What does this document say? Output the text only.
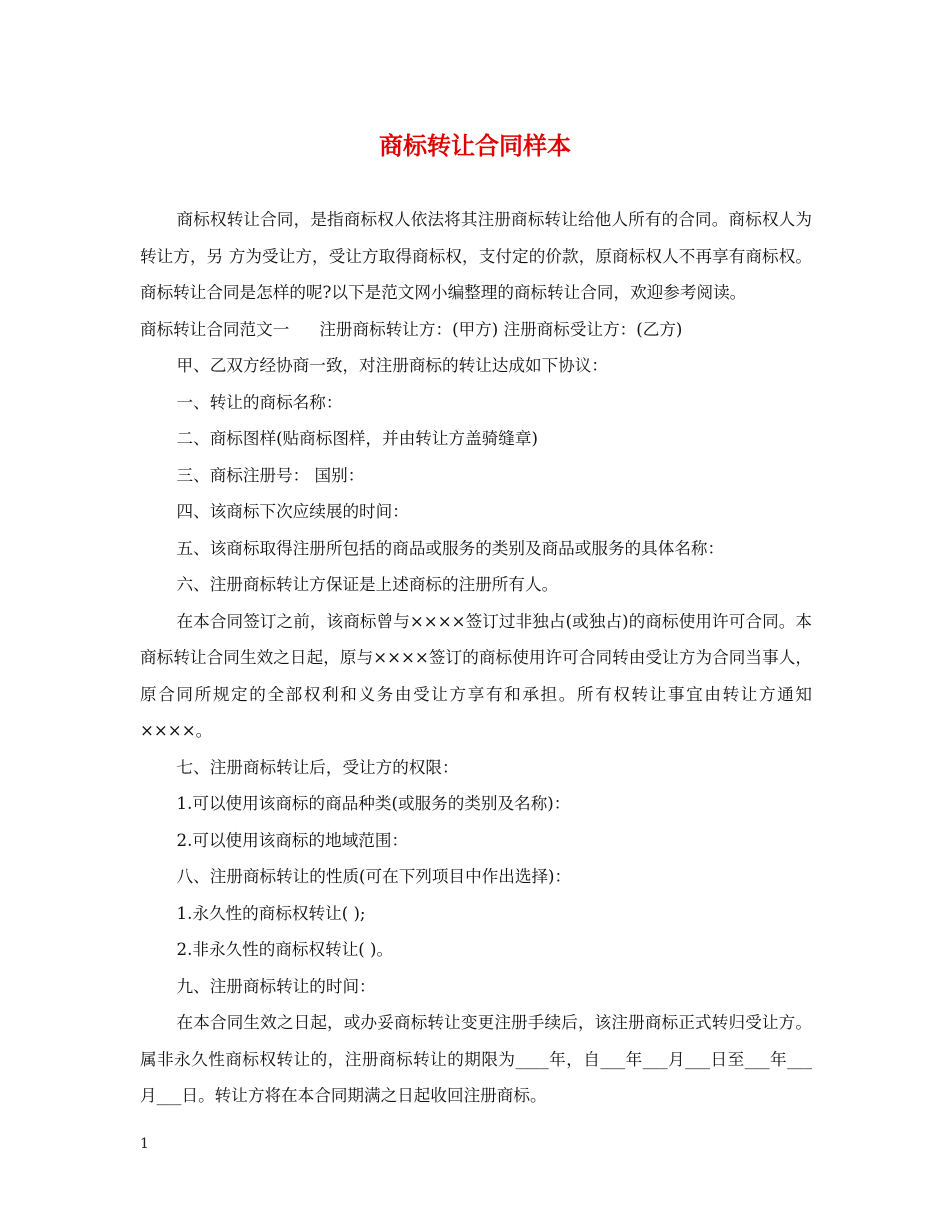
商标转让合同样本

商标权转让合同，是指商标权人依法将其注册商标转让给他人所有的合同。商标权人为转让方，另 方为受让方，受让方取得商标权，支付定的价款，原商标权人不再享有商标权。商标转让合同是怎样的呢?以下是范文网小编整理的商标转让合同，欢迎参考阅读。

商标转让合同范文一 注册商标转让方：(甲方) 注册商标受让方：(乙方)

甲、乙双方经协商一致，对注册商标的转让达成如下协议：

一、转让的商标名称：

二、商标图样(贴商标图样，并由转让方盖骑缝章)

三、商标注册号： 国别：

四、该商标下次应续展的时间：

五、该商标取得注册所包括的商品或服务的类别及商品或服务的具体名称：

六、注册商标转让方保证是上述商标的注册所有人。

在本合同签订之前，该商标曾与××××签订过非独占(或独占)的商标使用许可合同。本商标转让合同生效之日起，原与××××签订的商标使用许可合同转由受让方为合同当事人，原合同所规定的全部权利和义务由受让方享有和承担。所有权转让事宜由转让方通知××××。

七、注册商标转让后，受让方的权限：

1.可以使用该商标的商品种类(或服务的类别及名称)：

2.可以使用该商标的地域范围：

八、注册商标转让的性质(可在下列项目中作出选择)：

1.永久性的商标权转让( );

2.非永久性的商标权转让( )。

九、注册商标转让的时间：

在本合同生效之日起，或办妥商标转让变更注册手续后，该注册商标正式转归受让方。 属非永久性商标权转让的，注册商标转让的期限为____年，自___年___月___日至___年___月___日。转让方将在本合同期满之日起收回注册商标。

1
